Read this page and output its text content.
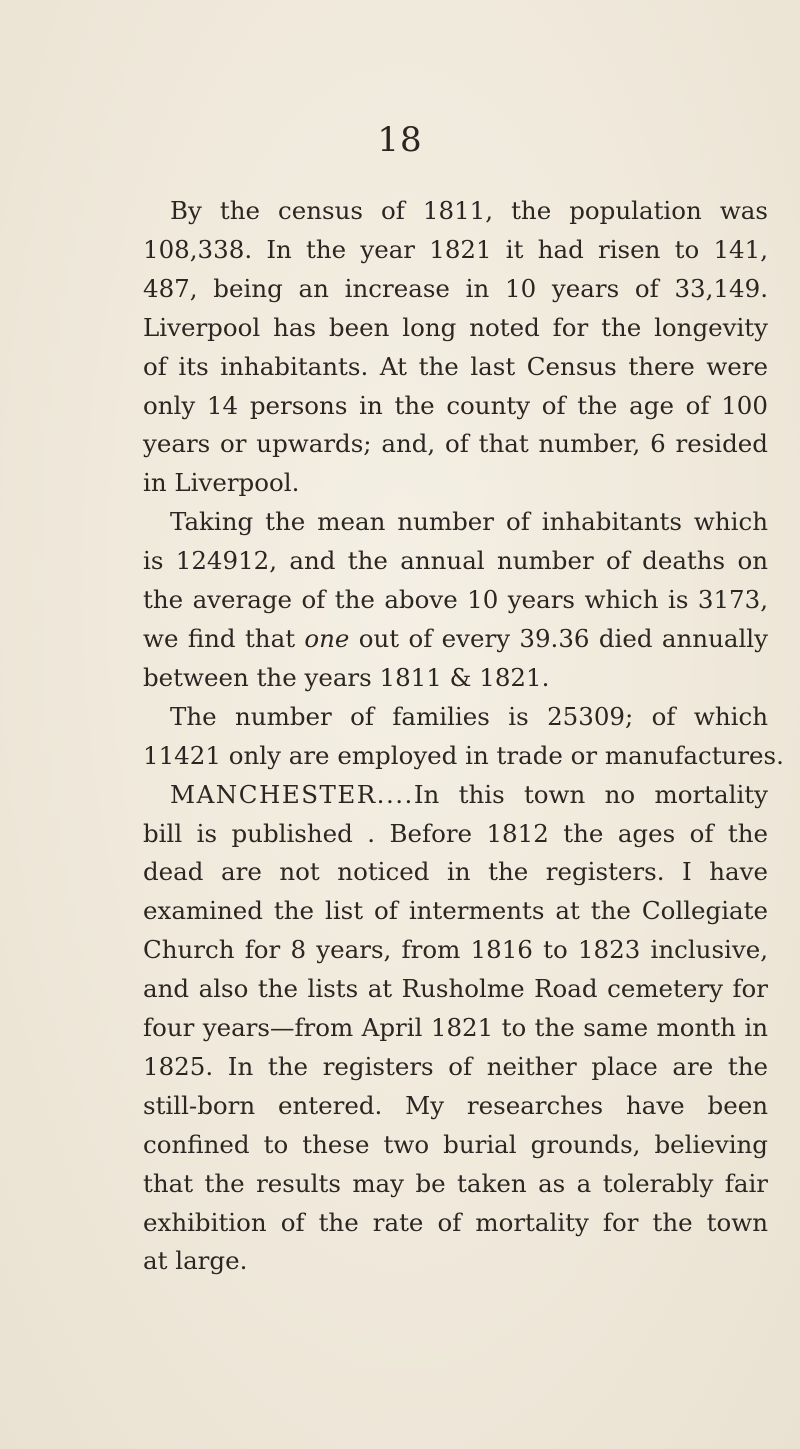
18
By the census of 1811, the population was
108,338. In the year 1821 it had risen to 141,
487, being an increase in 10 years of 33,149.
Liverpool has been long noted for the longevity
of its inhabitants. At the last Census there were
only 14 persons in the county of the age of 100
years or upwards; and, of that number, 6 resided
in Liverpool.
Taking the mean number of inhabitants which
is 124912, and the annual number of deaths on
the average of the above 10 years which is 3173,
we find that one out of every 39.36 died annually
between the years 1811 & 1821.
The number of families is 25309; of which
11421 only are employed in trade or manufactures.
MANCHESTER....In this town no mortality
bill is published . Before 1812 the ages of the
dead are not noticed in the registers. I have
examined the list of interments at the Collegiate
Church for 8 years, from 1816 to 1823 inclusive,
and also the lists at Rusholme Road cemetery for
four years—from April 1821 to the same month in
1825. In the registers of neither place are the
still-born entered. My researches have been
confined to these two burial grounds, believing
that the results may be taken as a tolerably fair
exhibition of the rate of mortality for the town
at large.
